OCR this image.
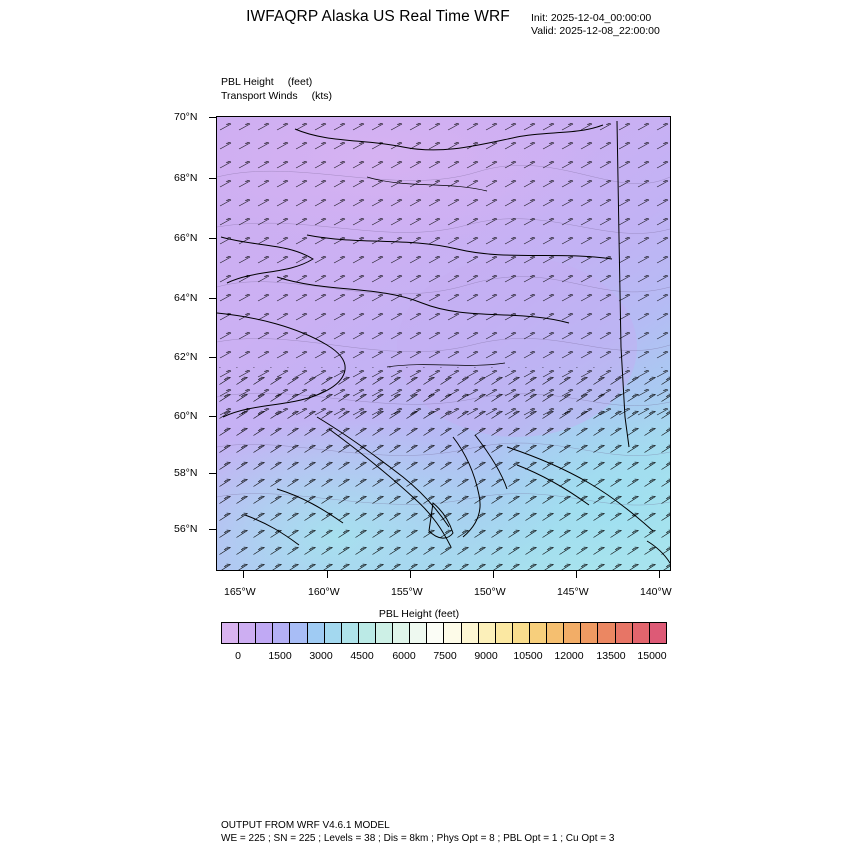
IWFAQRP Alaska US Real Time WRF	Init: 2025-12-04_00:00:00
Valid: 2025-12-08_22:00:00
PBL Height (feet)
Transport Winds (kts)
70°N
68°N
66°N
64°N
62°N
60°N
58°N
56°N
165°W	160°W	155°W	150°W	145°W	140°W
PBL Height (feet)
0	1500 3000 4500 6000 7500 9000 10500 12000 13500 15000
OUTPUT FROM WRF V4.6.1 MODEL
WE = 225 ; SN = 225 ; Levels = 38 ; Dis = 8km ; Phys Opt = 8 ; PBL Opt = 1 ; Cu Opt = 3
